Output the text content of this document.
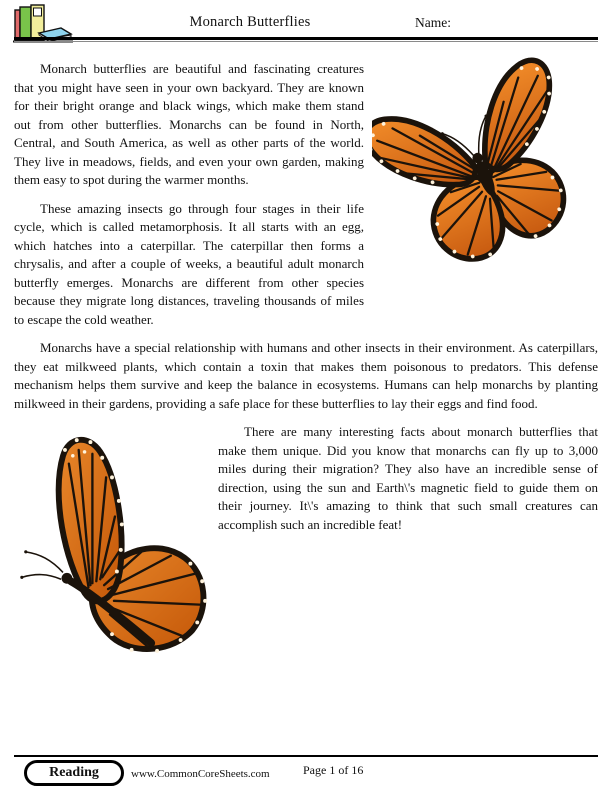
Monarch Butterflies	Name:

Monarch butterflies are beautiful and fascinating creatures that you might have seen in your own backyard. They are known for their bright orange and black wings, which make them stand out from other butterflies. Monarchs can be found in North, Central, and South America, as well as other parts of the world. They live in meadows, fields, and even your own garden, making them easy to spot during the warmer months.

These amazing insects go through four stages in their life cycle, which is called metamorphosis. It all starts with an egg, which hatches into a caterpillar. The caterpillar then forms a chrysalis, and after a couple of weeks, a beautiful adult monarch butterfly emerges. Monarchs are different from other species because they migrate long distances, traveling thousands of miles to escape the cold weather.

Monarchs have a special relationship with humans and other insects in their environment. As caterpillars, they eat milkweed plants, which contain a toxin that makes them poisonous to predators. This defense mechanism helps them survive and keep the balance in ecosystems. Humans can help monarchs by planting milkweed in their gardens, providing a safe place for these butterflies to lay their eggs and find food.

There are many interesting facts about monarch butterflies that make them unique. Did you know that monarchs can fly up to 3,000 miles during their migration? They also have an incredible sense of direction, using the sun and Earth\'s magnetic field to guide them on their journey. It\'s amazing to think that such small creatures can accomplish such an incredible feat!

Reading	www.CommonCoreSheets.com	Page 1 of 16
